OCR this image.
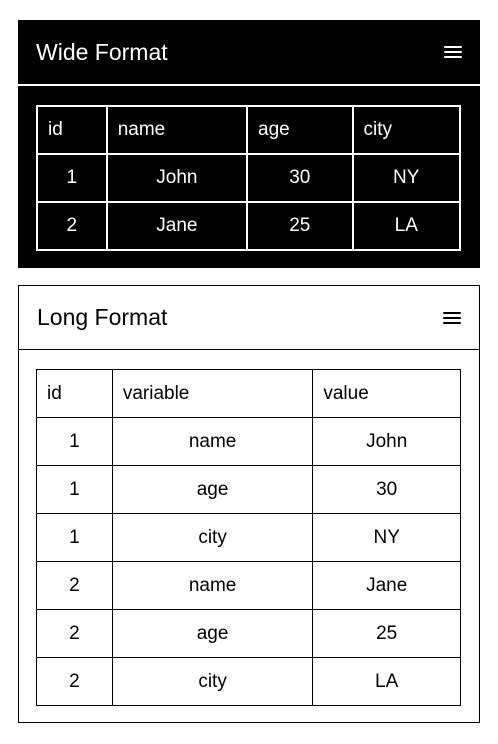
Wide Format
id	name	age	city
1	John	30	NY
2	Jane	25	LA
Long Format
id	variable	value
1	name	John
1	age	30
1	city	NY
2	name	Jane
2	age	25
2	city	LA
